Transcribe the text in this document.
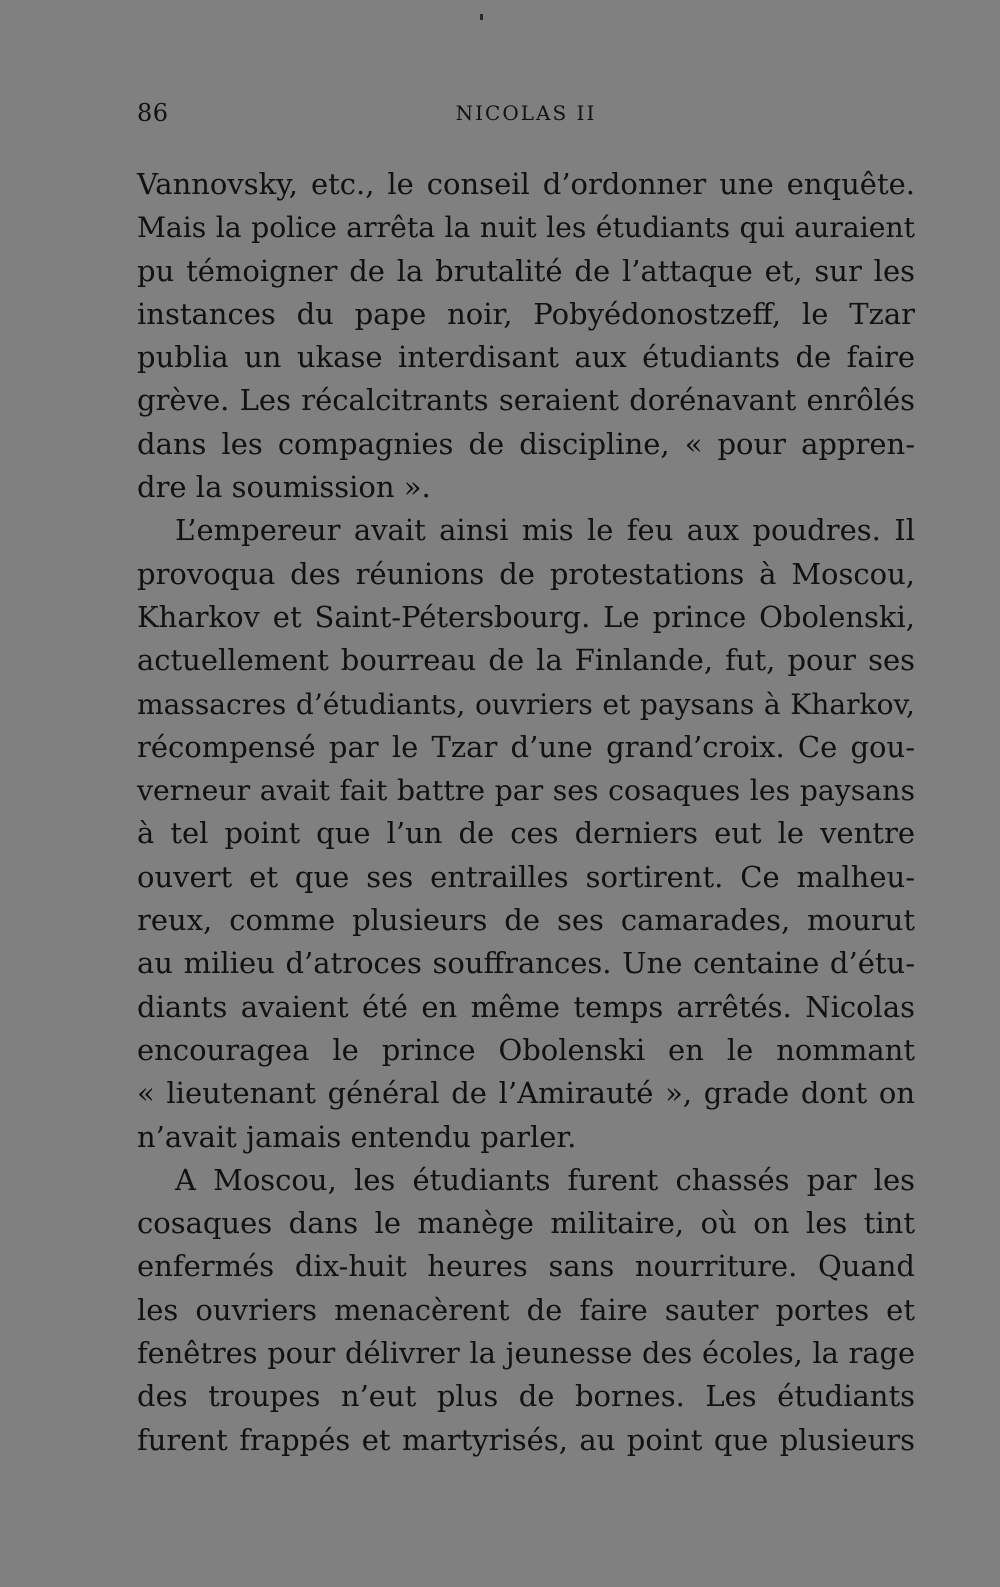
86	NICOLAS II
Vannovsky, etc., le conseil d’ordonner une enquête.
Mais la police arrêta la nuit les étudiants qui auraient
pu témoigner de la brutalité de l’attaque et, sur les
instances du pape noir, Pobyédonostzeff, le Tzar
publia un ukase interdisant aux étudiants de faire
grève. Les récalcitrants seraient dorénavant enrôlés
dans les compagnies de discipline, « pour appren-
dre la soumission ».
L’empereur avait ainsi mis le feu aux poudres. Il
provoqua des réunions de protestations à Moscou,
Kharkov et Saint-Pétersbourg. Le prince Obolenski,
actuellement bourreau de la Finlande, fut, pour ses
massacres d’étudiants, ouvriers et paysans à Kharkov,
récompensé par le Tzar d’une grand’croix. Ce gou-
verneur avait fait battre par ses cosaques les paysans
à tel point que l’un de ces derniers eut le ventre
ouvert et que ses entrailles sortirent. Ce malheu-
reux, comme plusieurs de ses camarades, mourut
au milieu d’atroces souffrances. Une centaine d’étu-
diants avaient été en même temps arrêtés. Nicolas
encouragea le prince Obolenski en le nommant
« lieutenant général de l’Amirauté », grade dont on
n’avait jamais entendu parler.
A Moscou, les étudiants furent chassés par les
cosaques dans le manège militaire, où on les tint
enfermés dix-huit heures sans nourriture. Quand
les ouvriers menacèrent de faire sauter portes et
fenêtres pour délivrer la jeunesse des écoles, la rage
des troupes n’eut plus de bornes. Les étudiants
furent frappés et martyrisés, au point que plusieurs
